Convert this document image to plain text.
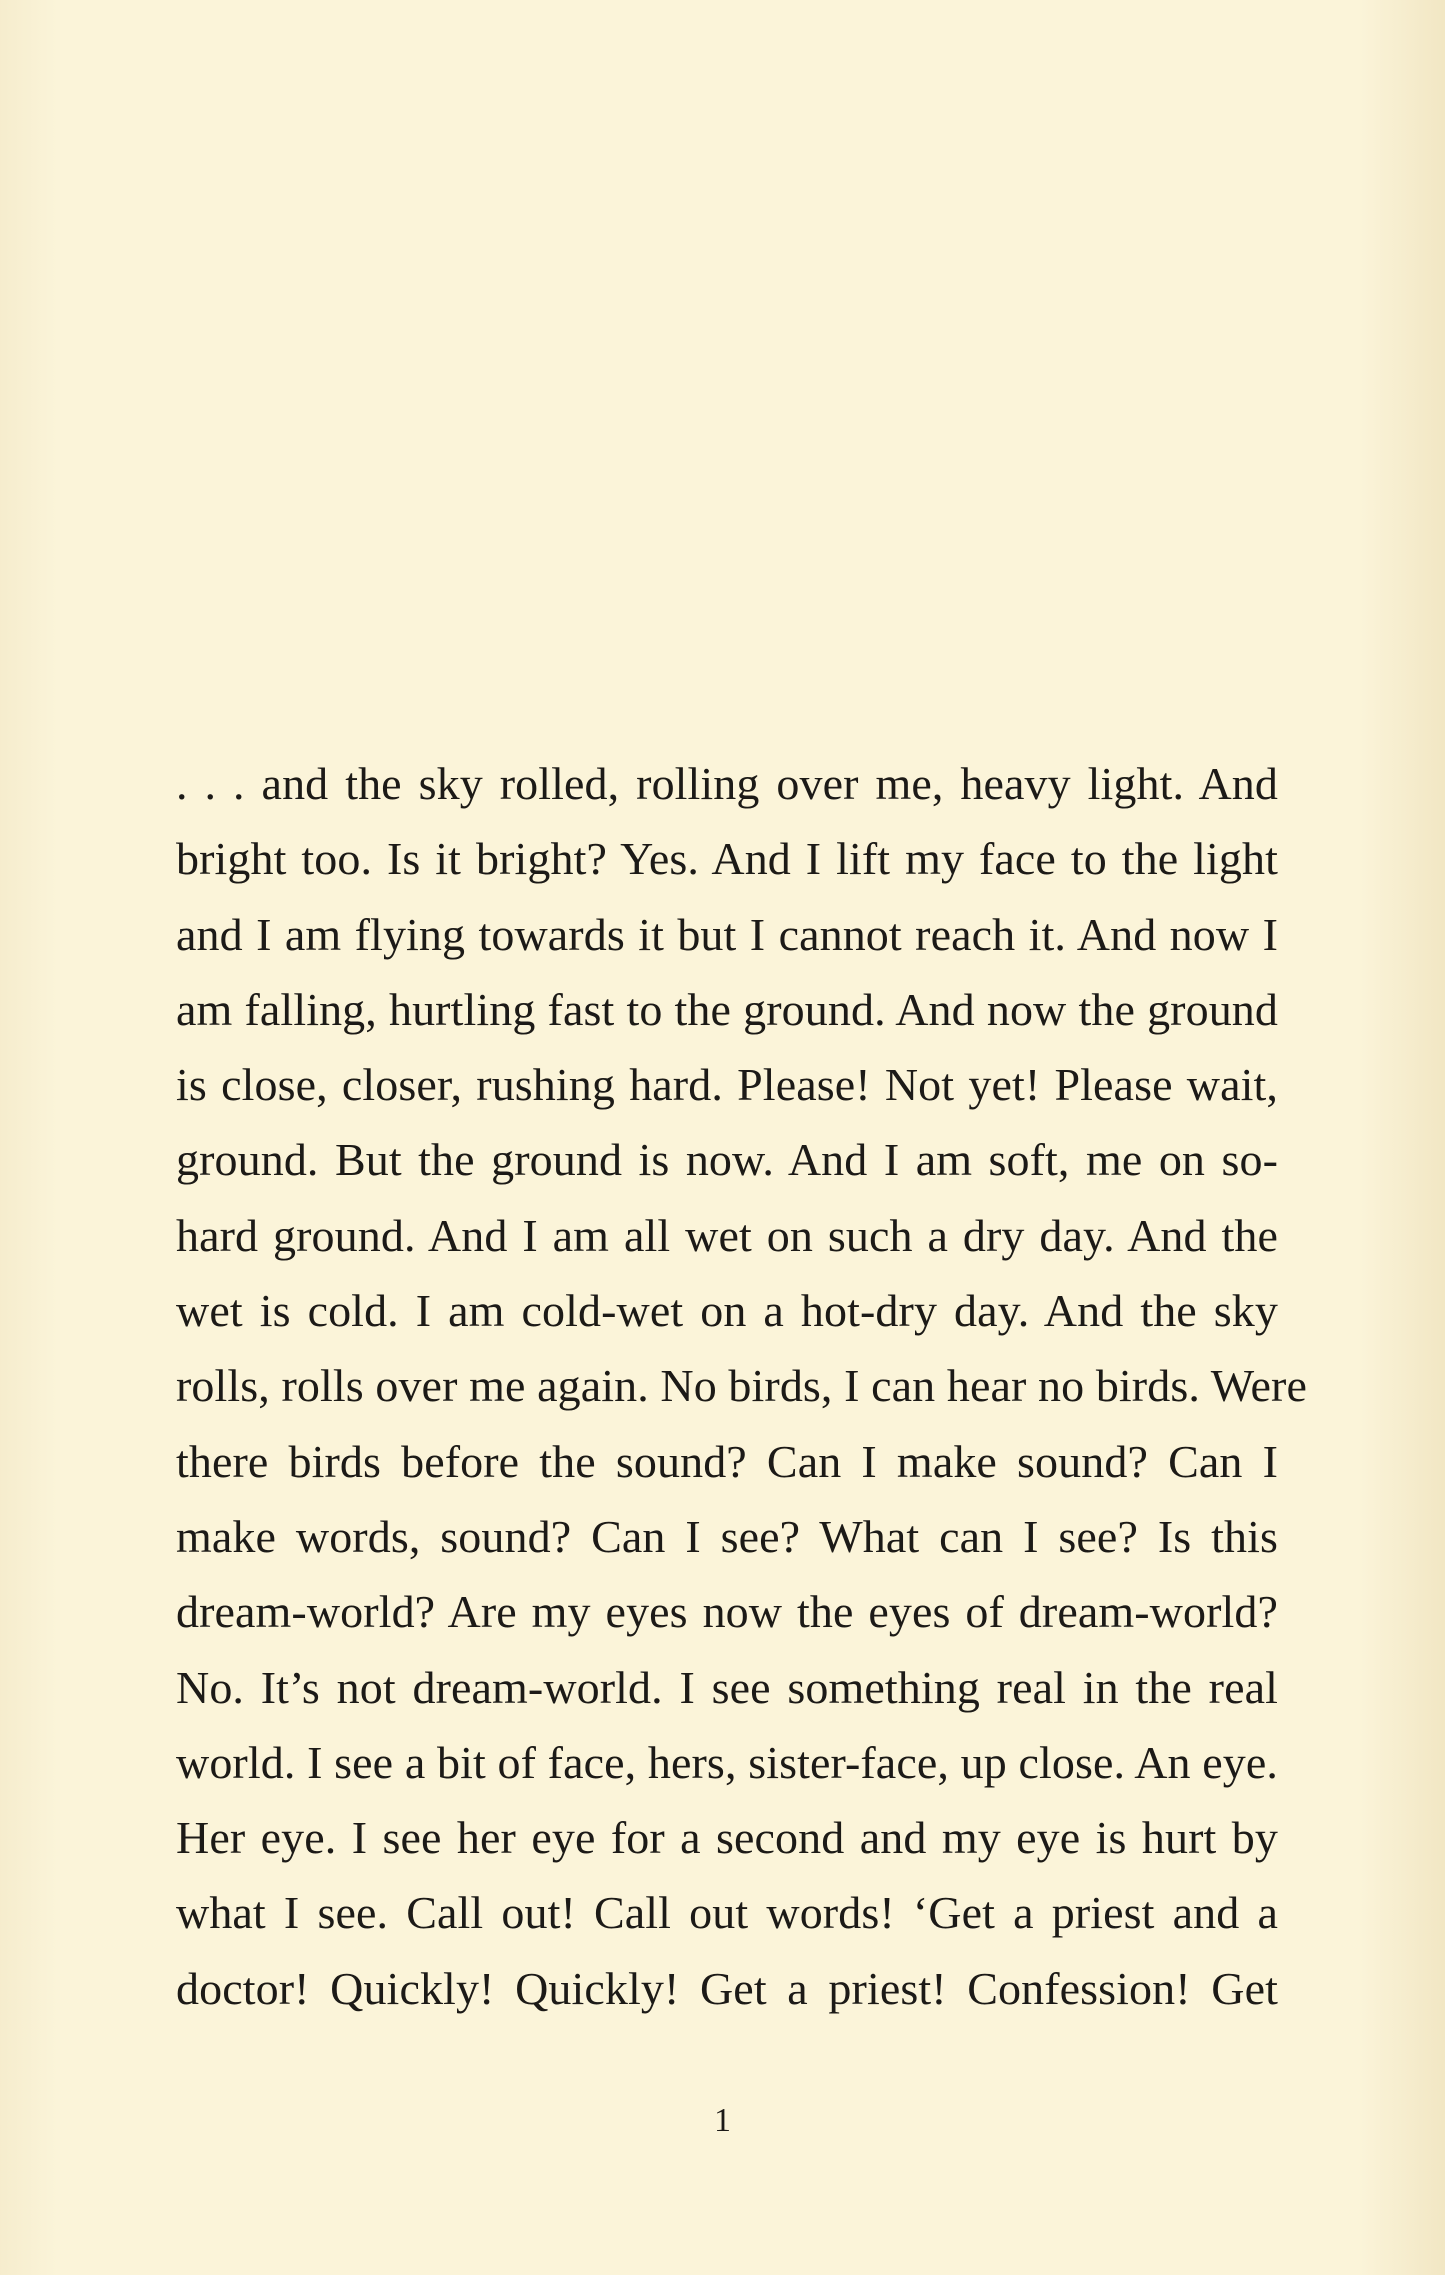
. . . and the sky rolled, rolling over me, heavy light. And
bright too. Is it bright? Yes. And I lift my face to the light
and I am flying towards it but I cannot reach it. And now I
am falling, hurtling fast to the ground. And now the ground
is close, closer, rushing hard. Please! Not yet! Please wait,
ground. But the ground is now. And I am soft, me on so-
hard ground. And I am all wet on such a dry day. And the
wet is cold. I am cold-wet on a hot-dry day. And the sky
rolls, rolls over me again. No birds, I can hear no birds. Were
there birds before the sound? Can I make sound? Can I
make words, sound? Can I see? What can I see? Is this
dream-world? Are my eyes now the eyes of dream-world?
No. It’s not dream-world. I see something real in the real
world. I see a bit of face, hers, sister-face, up close. An eye.
Her eye. I see her eye for a second and my eye is hurt by
what I see. Call out! Call out words! ‘Get a priest and a
doctor! Quickly! Quickly! Get a priest! Confession! Get
1
